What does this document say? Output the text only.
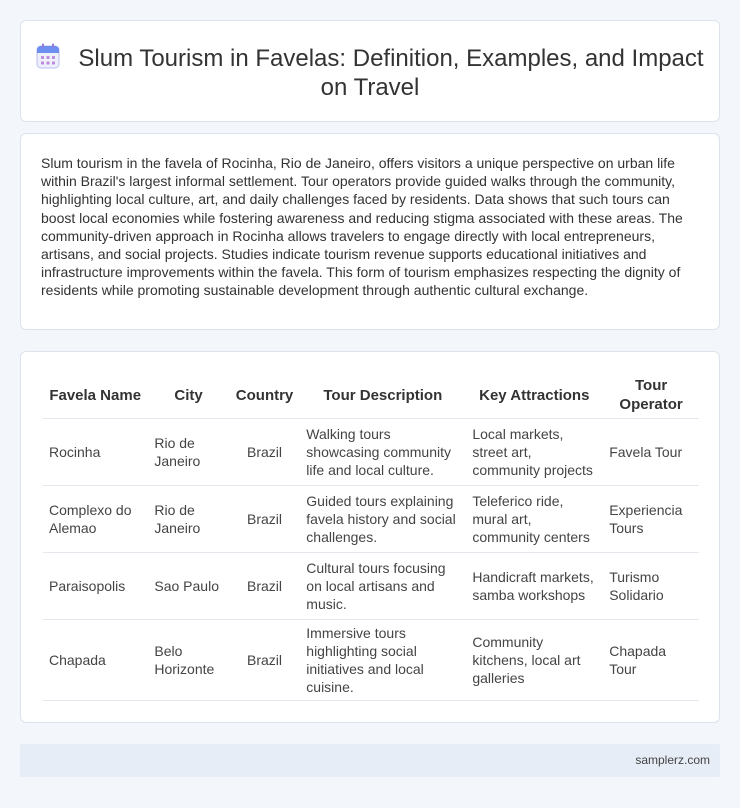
Slum Tourism in Favelas: Definition, Examples, and Impact on Travel

Slum tourism in the favela of Rocinha, Rio de Janeiro, offers visitors a unique perspective on urban life within Brazil's largest informal settlement. Tour operators provide guided walks through the community, highlighting local culture, art, and daily challenges faced by residents. Data shows that such tours can boost local economies while fostering awareness and reducing stigma associated with these areas. The community-driven approach in Rocinha allows travelers to engage directly with local entrepreneurs, artisans, and social projects. Studies indicate tourism revenue supports educational initiatives and infrastructure improvements within the favela. This form of tourism emphasizes respecting the dignity of residents while promoting sustainable development through authentic cultural exchange.

Favela Name	City	Country	Tour Description	Key Attractions	Tour Operator
Rocinha	Rio de Janeiro	Brazil	Walking tours showcasing community life and local culture.	Local markets, street art, community projects	Favela Tour
Complexo do Alemao	Rio de Janeiro	Brazil	Guided tours explaining favela history and social challenges.	Teleferico ride, mural art, community centers	Experiencia Tours
Paraisopolis	Sao Paulo	Brazil	Cultural tours focusing on local artisans and music.	Handicraft markets, samba workshops	Turismo Solidario
Chapada	Belo Horizonte	Brazil	Immersive tours highlighting social initiatives and local cuisine.	Community kitchens, local art galleries	Chapada Tour
samplerz.com
